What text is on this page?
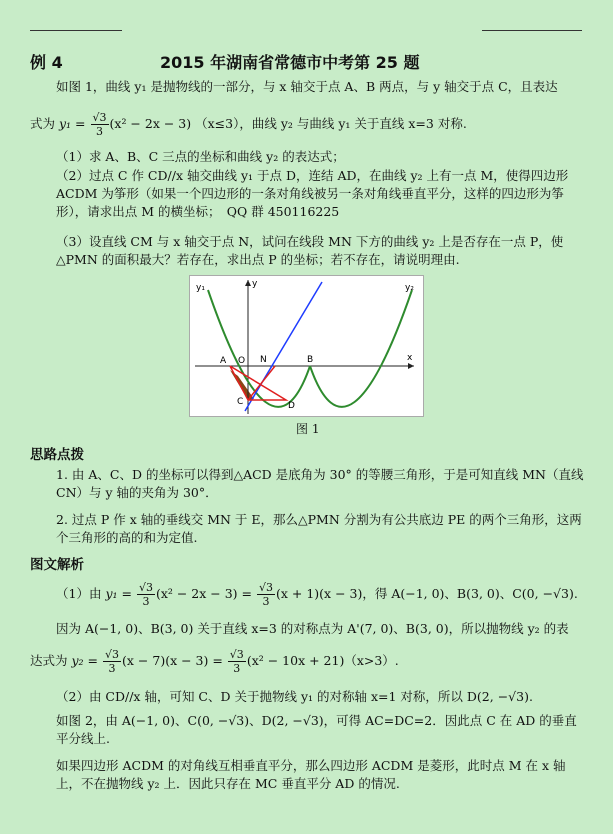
例 4	2015 年湖南省常德市中考第 25 题
如图 1，曲线 y₁ 是抛物线的一部分，与 x 轴交于点 A、B 两点，与 y 轴交于点 C，且表达
式为 $y_1 = \frac{√3}{3} (x^2 - 2x - 3)$ （x≤3），曲线 y₂ 与曲线 y₁ 关于直线 x=3 对称.
（1）求 A、B、C 三点的坐标和曲线 y₂ 的表达式；
（2）过点 C 作 CD//x 轴交曲线 y₁ 于点 D，连结 AD，在曲线 y₂ 上有一点 M，使得四边形 ACDM 为筝形（如果一个四边形的一条对角线被另一条对角线垂直平分，这样的四边形为筝形），请求出点 M 的横坐标；　QQ 群 450116225
（3）设直线 CM 与 x 轴交于点 N，试问在线段 MN 下方的曲线 y₂ 上是否存在一点 P，使△PMN 的面积最大？若存在，求出点 P 的坐标；若不存在，请说明理由.
y₁	y₂
y
x
A O N	B
C	D
图 1
思路点拨
1. 由 A、C、D 的坐标可以得到△ACD 是底角为 30° 的等腰三角形，于是可知直线 MN（直线 CN）与 y 轴的夹角为 30°．
2. 过点 P 作 x 轴的垂线交 MN 于 E，那么△PMN 分割为有公共底边 PE 的两个三角形，这两个三角形的高的和为定值.
图文解析
（1）由 $y_1 = \frac{√3}{3} (x^2 - 2x - 3) = \frac{√3}{3} (x + 1)(x - 3)$，得 A(−1, 0)、B(3, 0)、C(0, −√3).
因为 A(−1, 0)、B(3, 0) 关于直线 x=3 的对称点为 A'(7, 0)、B(3, 0)，所以抛物线 y₂ 的表
达式为 $y_2 = \frac{√3}{3} (x - 7)(x - 3) = \frac{√3}{3} (x^2 - 10x + 21)(x>3)$.
（2）由 CD//x 轴，可知 C、D 关于抛物线 y₁ 的对称轴 x=1 对称，所以 D(2, −√3).
如图 2，由 A(−1, 0)、C(0, −√3)、D(2, −√3)，可得 AC=DC=2．因此点 C 在 AD 的垂直平分线上.
如果四边形 ACDM 的对角线互相垂直平分，那么四边形 ACDM 是菱形，此时点 M 在 x 轴上，不在抛物线 y₂ 上．因此只存在 MC 垂直平分 AD 的情况.
